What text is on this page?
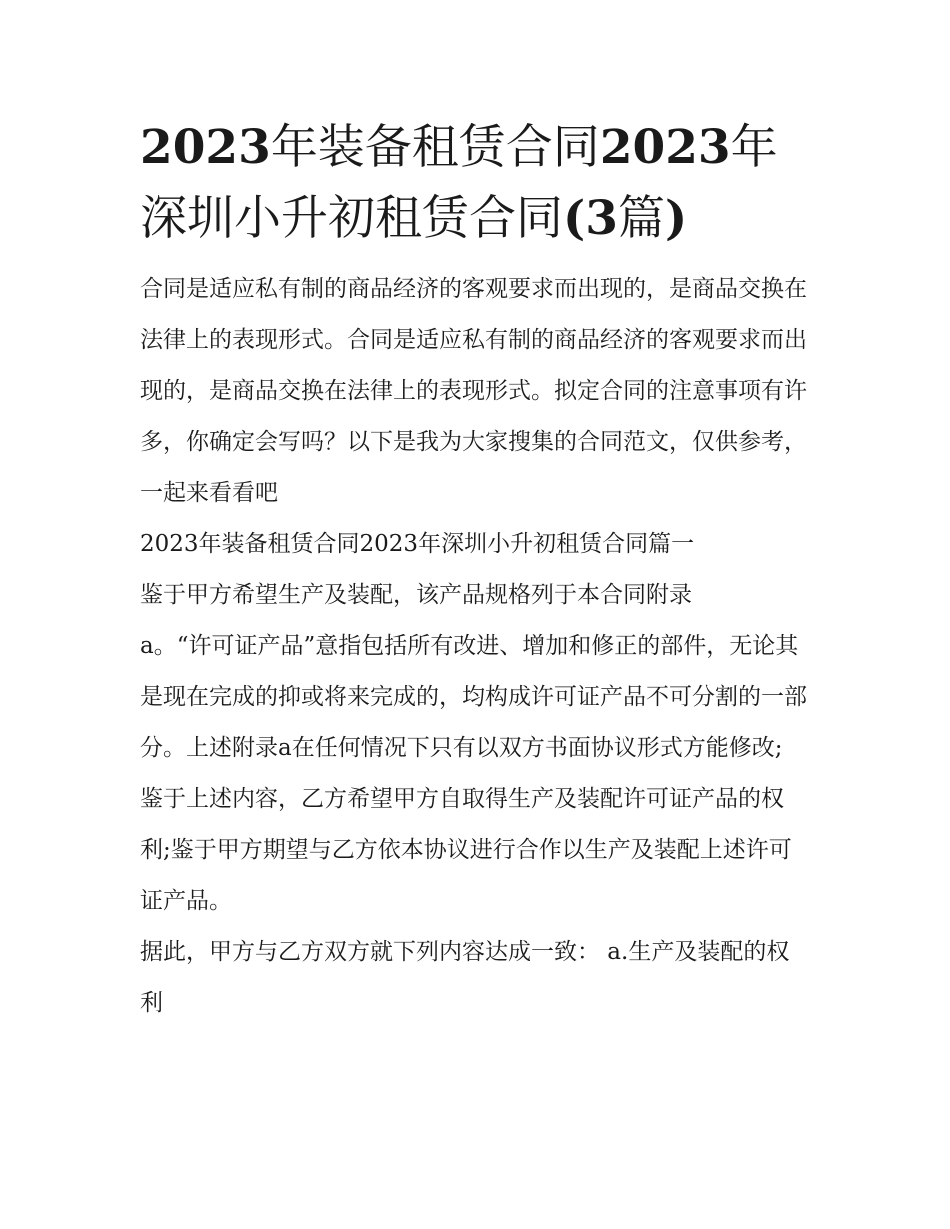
2023年装备租赁合同2023年深圳小升初租赁合同(3篇)

合同是适应私有制的商品经济的客观要求而出现的，是商品交换在法律上的表现形式。合同是适应私有制的商品经济的客观要求而出现的，是商品交换在法律上的表现形式。拟定合同的注意事项有许多，你确定会写吗？以下是我为大家搜集的合同范文，仅供参考，一起来看看吧

2023年装备租赁合同2023年深圳小升初租赁合同篇一

鉴于甲方希望生产及装配，该产品规格列于本合同附录

a。“许可证产品”意指包括所有改进、增加和修正的部件，无论其是现在完成的抑或将来完成的，均构成许可证产品不可分割的一部分。上述附录a在任何情况下只有以双方书面协议形式方能修改;

鉴于上述内容，乙方希望甲方自取得生产及装配许可证产品的权利;鉴于甲方期望与乙方依本协议进行合作以生产及装配上述许可证产品。

据此，甲方与乙方双方就下列内容达成一致： a.生产及装配的权利
